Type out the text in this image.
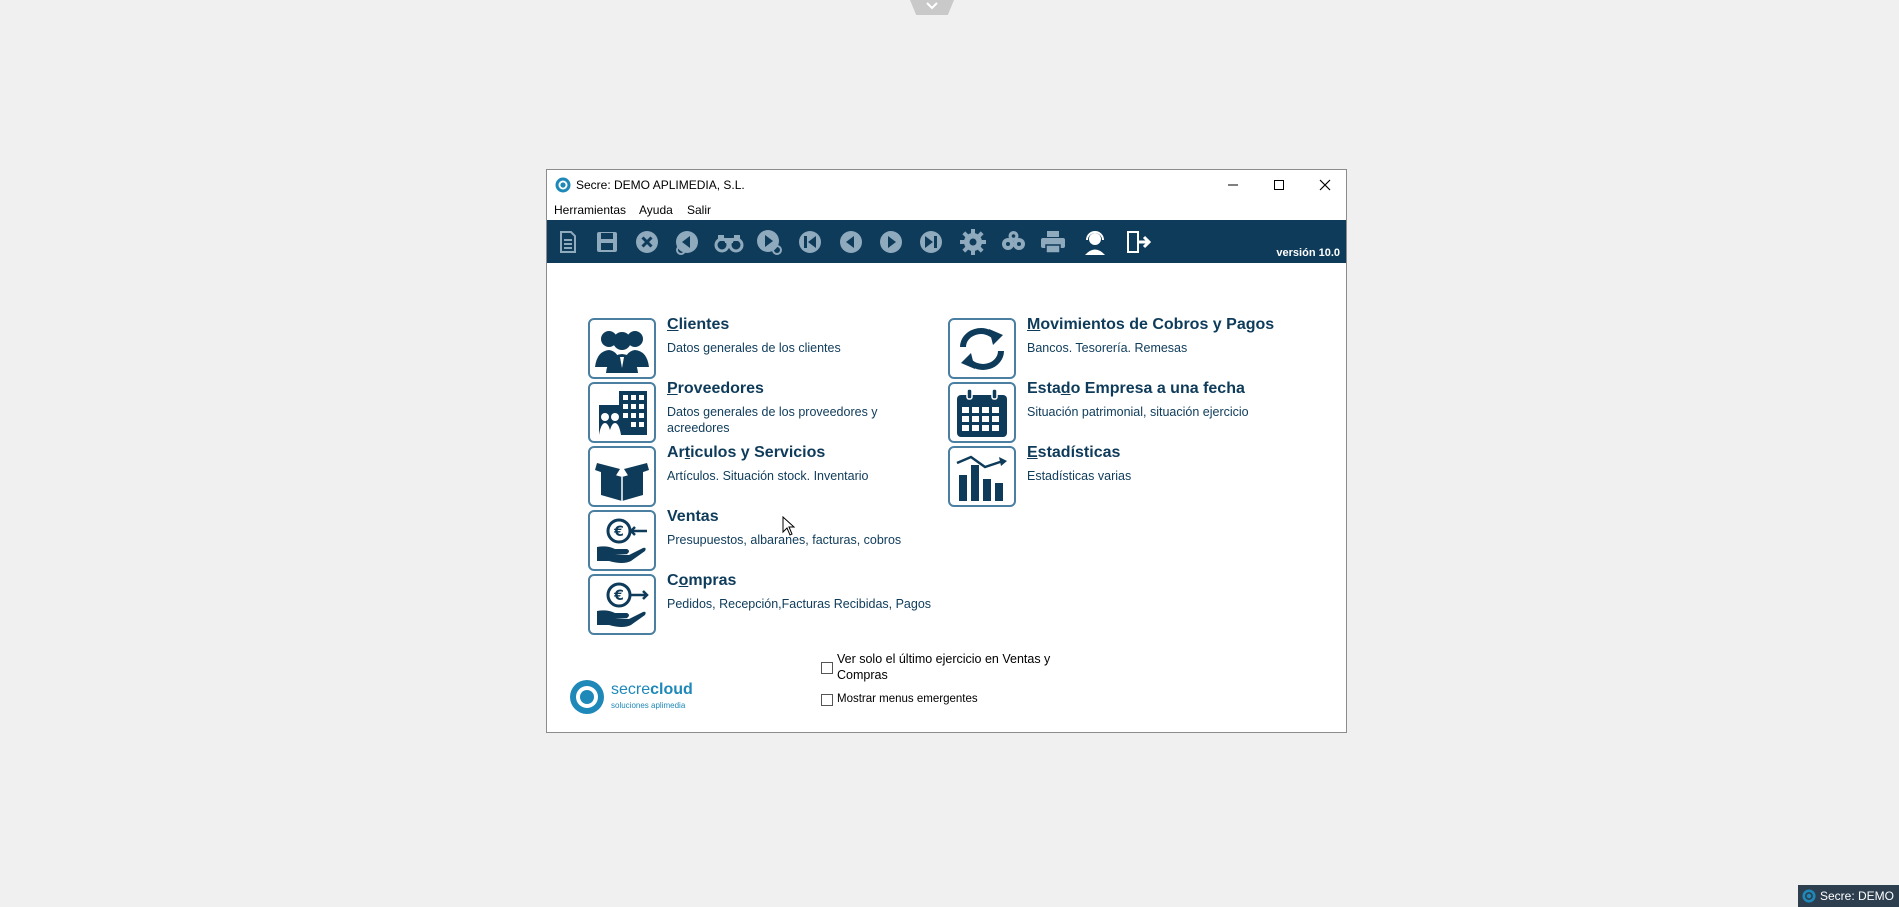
Secre: DEMO APLIMEDIA, S.L.
Herramientas Ayuda Salir
versión 10.0
Clientes
Datos generales de los clientes
Proveedores
Datos generales de los proveedores y acreedores
Articulos y Servicios
Artículos. Situación stock. Inventario
€
Ventas
Presupuestos, albaranes, facturas, cobros
€
Compras
Pedidos, Recepción,Facturas Recibidas, Pagos
Movimientos de Cobros y Pagos
Bancos. Tesorería. Remesas
Estado Empresa a una fecha
Situación patrimonial, situación ejercicio
Estadísticas
Estadísticas varias
Ver solo el último ejercicio en Ventas y Compras
Mostrar menus emergentes
secrecloud
soluciones aplimedia
Secre: DEMO
